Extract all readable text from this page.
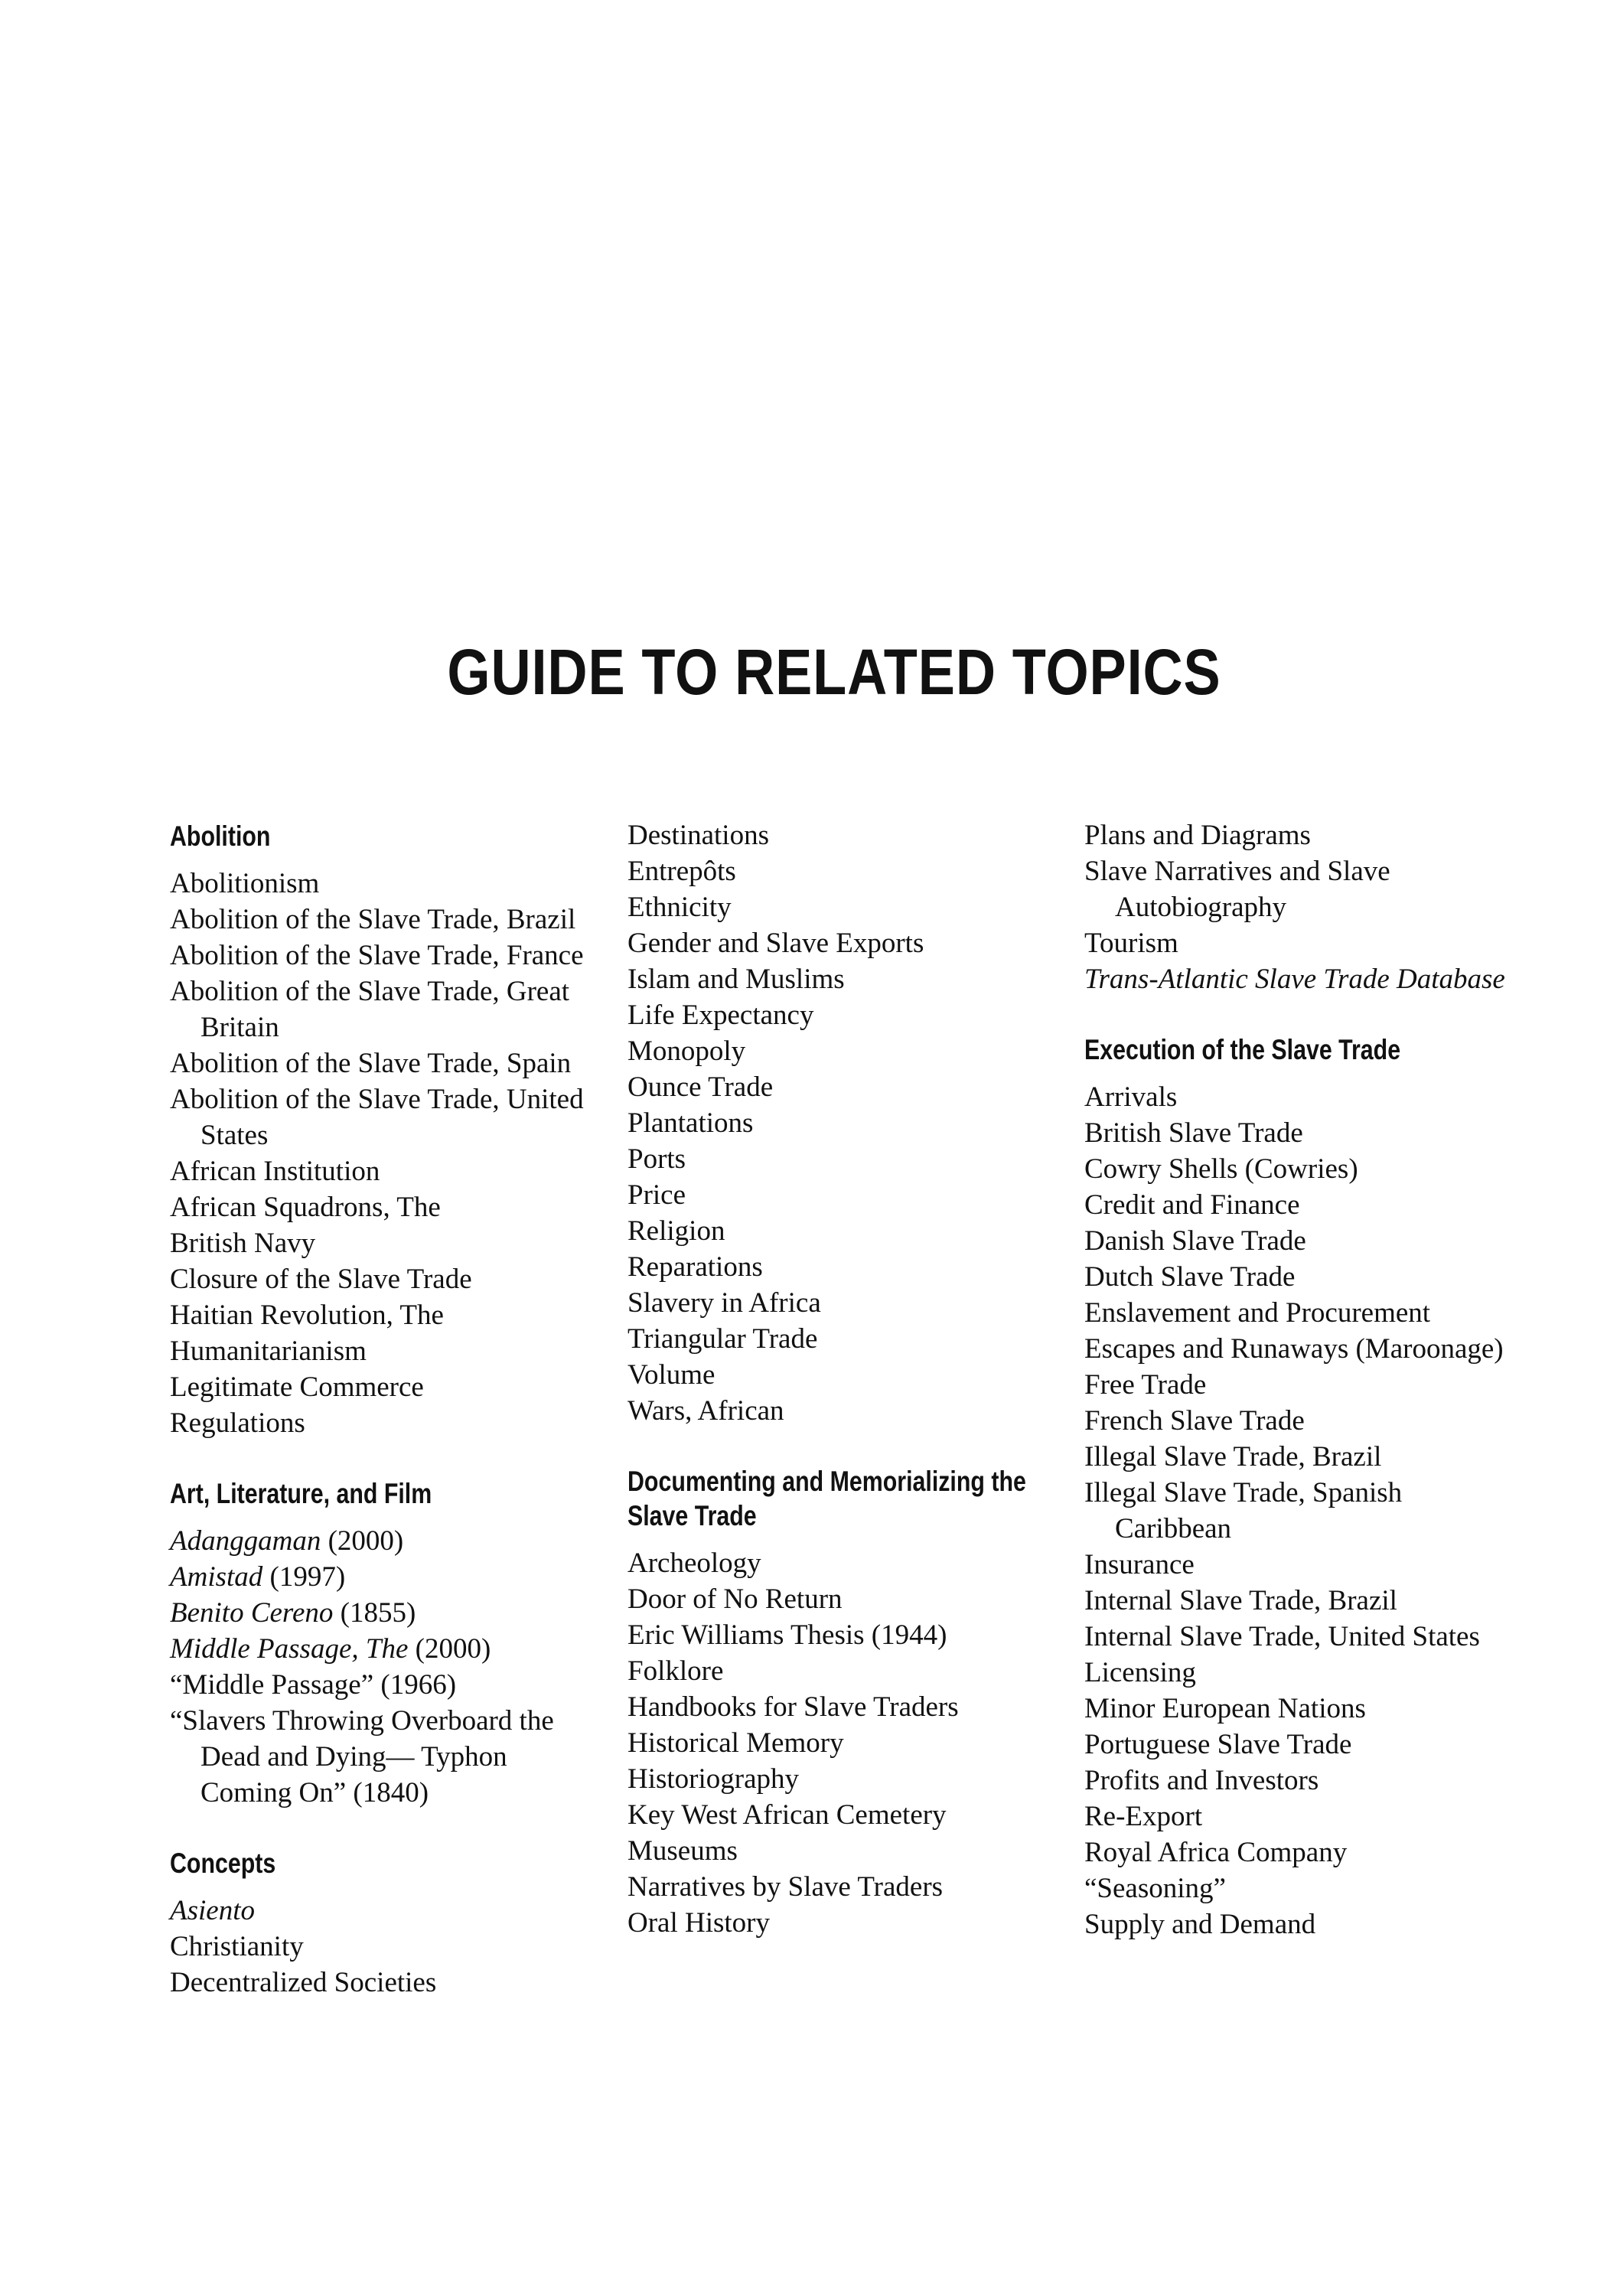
GUIDE TO RELATED TOPICS
Abolition
Abolitionism
Abolition of the Slave Trade, Brazil
Abolition of the Slave Trade, France
Abolition of the Slave Trade, Great Britain
Abolition of the Slave Trade, Spain
Abolition of the Slave Trade, United States
African Institution
African Squadrons, The
British Navy
Closure of the Slave Trade
Haitian Revolution, The
Humanitarianism
Legitimate Commerce
Regulations
Art, Literature, and Film
Adanggaman (2000)
Amistad (1997)
Benito Cereno (1855)
Middle Passage, The (2000)
“Middle Passage” (1966)
“Slavers Throwing Overboard the Dead and Dying— Typhon Coming On” (1840)
Concepts
Asiento
Christianity
Decentralized Societies
Destinations
Entrepôts
Ethnicity
Gender and Slave Exports
Islam and Muslims
Life Expectancy
Monopoly
Ounce Trade
Plantations
Ports
Price
Religion
Reparations
Slavery in Africa
Triangular Trade
Volume
Wars, African
Documenting and Memorializing the Slave Trade
Archeology
Door of No Return
Eric Williams Thesis (1944)
Folklore
Handbooks for Slave Traders
Historical Memory
Historiography
Key West African Cemetery
Museums
Narratives by Slave Traders
Oral History
Plans and Diagrams
Slave Narratives and Slave Autobiography
Tourism
Trans-Atlantic Slave Trade Database
Execution of the Slave Trade
Arrivals
British Slave Trade
Cowry Shells (Cowries)
Credit and Finance
Danish Slave Trade
Dutch Slave Trade
Enslavement and Procurement
Escapes and Runaways (Maroonage)
Free Trade
French Slave Trade
Illegal Slave Trade, Brazil
Illegal Slave Trade, Spanish Caribbean
Insurance
Internal Slave Trade, Brazil
Internal Slave Trade, United States
Licensing
Minor European Nations
Portuguese Slave Trade
Profits and Investors
Re-Export
Royal Africa Company
“Seasoning”
Supply and Demand
